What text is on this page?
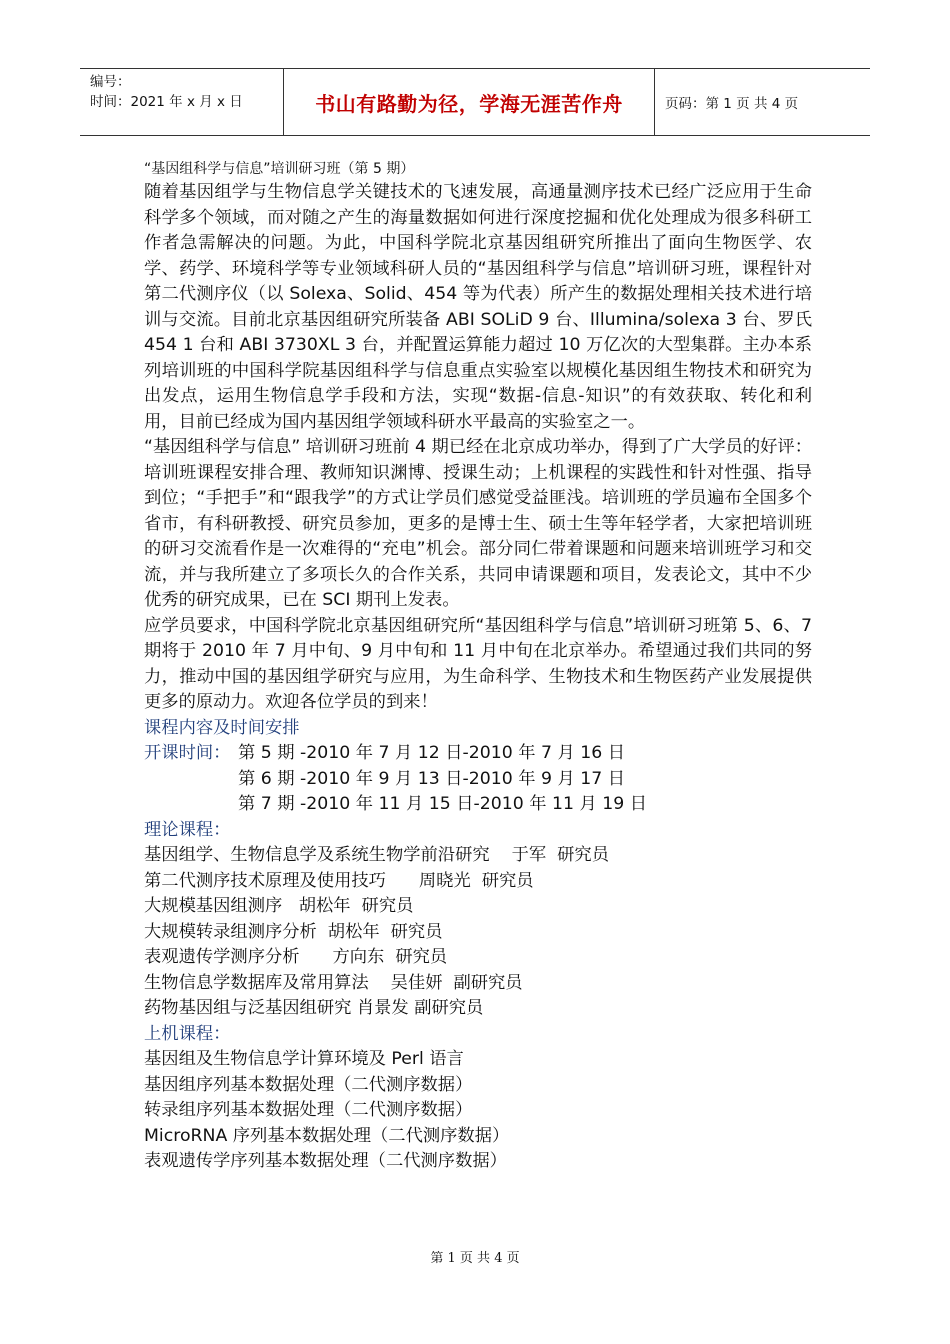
编号：
时间：2021 年 x 月 x 日	书山有路勤为径，学海无涯苦作舟	页码：第 1 页 共 4 页

“基因组科学与信息”培训研习班（第 5 期）

随着基因组学与生物信息学关键技术的飞速发展，高通量测序技术已经广泛应用于生命科学多个领域，而对随之产生的海量数据如何进行深度挖掘和优化处理成为很多科研工作者急需解决的问题。为此，中国科学院北京基因组研究所推出了面向生物医学、农学、药学、环境科学等专业领域科研人员的“基因组科学与信息”培训研习班，课程针对第二代测序仪（以 Solexa、Solid、454 等为代表）所产生的数据处理相关技术进行培训与交流。目前北京基因组研究所装备 ABI SOLiD 9 台、Illumina/solexa 3 台、罗氏 454 1 台和 ABI 3730XL 3 台，并配置运算能力超过 10 万亿次的大型集群。主办本系列培训班的中国科学院基因组科学与信息重点实验室以规模化基因组生物技术和研究为出发点，运用生物信息学手段和方法，实现“数据-信息-知识”的有效获取、转化和利用，目前已经成为国内基因组学领域科研水平最高的实验室之一。

“基因组科学与信息” 培训研习班前 4 期已经在北京成功举办，得到了广大学员的好评：培训班课程安排合理、教师知识渊博、授课生动；上机课程的实践性和针对性强、指导到位；“手把手”和“跟我学”的方式让学员们感觉受益匪浅。培训班的学员遍布全国多个省市，有科研教授、研究员参加，更多的是博士生、硕士生等年轻学者，大家把培训班的研习交流看作是一次难得的“充电”机会。部分同仁带着课题和问题来培训班学习和交流，并与我所建立了多项长久的合作关系，共同申请课题和项目，发表论文，其中不少优秀的研究成果，已在 SCI 期刊上发表。

应学员要求，中国科学院北京基因组研究所“基因组科学与信息”培训研习班第 5、6、7 期将于 2010 年 7 月中旬、9 月中旬和 11 月中旬在北京举办。希望通过我们共同的努力，推动中国的基因组学研究与应用，为生命科学、生物技术和生物医药产业发展提供更多的原动力。欢迎各位学员的到来！

课程内容及时间安排

开课时间： 第 5 期 -2010 年 7 月 12 日-2010 年 7 月 16 日
第 6 期 -2010 年 9 月 13 日-2010 年 9 月 17 日
第 7 期 -2010 年 11 月 15 日-2010 年 11 月 19 日

理论课程：

基因组学、生物信息学及系统生物学前沿研究    于军  研究员

第二代测序技术原理及使用技巧      周晓光  研究员

大规模基因组测序   胡松年  研究员

大规模转录组测序分析  胡松年  研究员

表观遗传学测序分析      方向东  研究员

生物信息学数据库及常用算法    吴佳妍  副研究员

药物基因组与泛基因组研究 肖景发 副研究员

上机课程：

基因组及生物信息学计算环境及 Perl 语言

基因组序列基本数据处理（二代测序数据）

转录组序列基本数据处理（二代测序数据）

MicroRNA 序列基本数据处理（二代测序数据）

表观遗传学序列基本数据处理（二代测序数据）

第 1 页 共 4 页
